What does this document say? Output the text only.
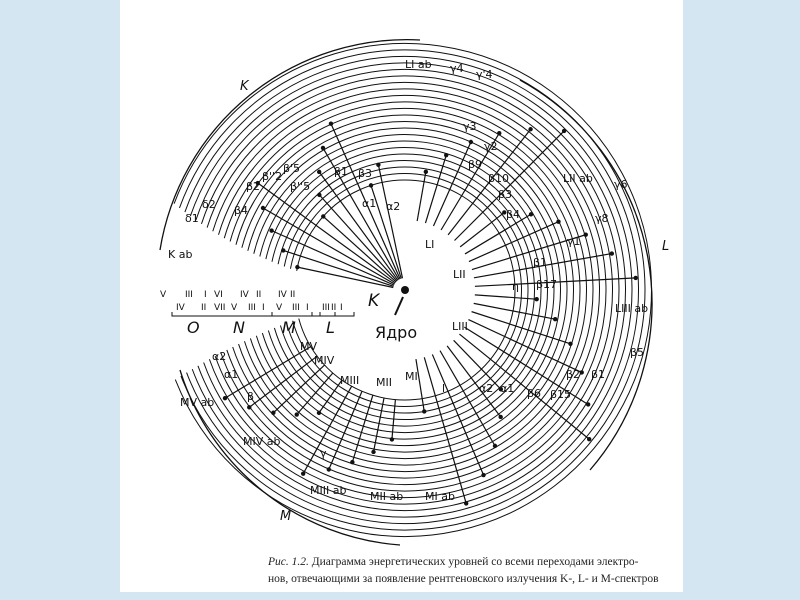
K ab
δ1
δ2 β4
β2
β''2
β'5
β''5
β1 β3
α1 α2
LI ab γ4 γ'4
γ3
γ2
β9
β10
β3
β4
LII ab γ6
γ8
γ1
LI
LII
β1
β17
η
LIII ab
LIII
β5
β2 β1
l	α2 α1 β6 β15
MV
MIV
MIII MII MI
α2
α1
β
MV ab
MIV ab
γ
MIII ab MII ab MI ab
K
Ядро
K
L
M
O N M L
V III I VI IV II IV II
IV II VII V III I V III I III II I
Рис. 1.2. Диаграмма энергетических уровней со всеми переходами электро-
нов, отвечающими за появление рентгеновского излучения K-, L- и M-спектров
